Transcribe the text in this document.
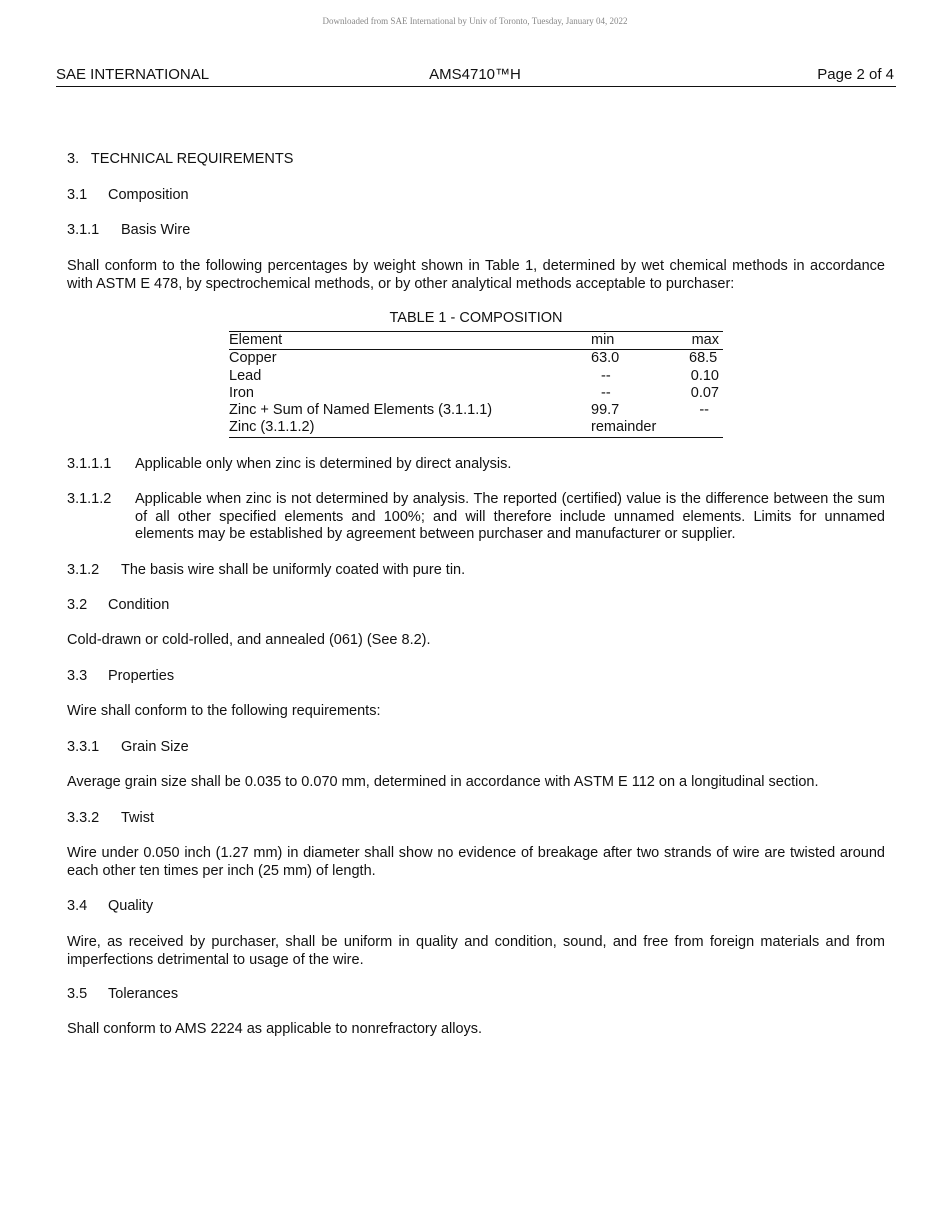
Downloaded from SAE International by Univ of Toronto, Tuesday, January 04, 2022
SAE INTERNATIONAL	AMS4710™H	Page 2 of 4
3.   TECHNICAL REQUIREMENTS
3.1 Composition
3.1.1 Basis Wire
Shall conform to the following percentages by weight shown in Table 1, determined by wet chemical methods in accordance with ASTM E 478, by spectrochemical methods, or by other analytical methods acceptable to purchaser:
TABLE 1 - COMPOSITION
Element	min	max
Copper	63.0	68.5
Lead	--	0.10
Iron	--	0.07
Zinc + Sum of Named Elements (3.1.1.1)	99.7	--
Zinc (3.1.1.2)	remainder	
3.1.1.1 Applicable only when zinc is determined by direct analysis.
3.1.1.2 Applicable when zinc is not determined by analysis. The reported (certified) value is the difference between the sum of all other specified elements and 100%; and will therefore include unnamed elements. Limits for unnamed elements may be established by agreement between purchaser and manufacturer or supplier.
3.1.2 The basis wire shall be uniformly coated with pure tin.
3.2 Condition
Cold-drawn or cold-rolled, and annealed (061) (See 8.2).
3.3 Properties
Wire shall conform to the following requirements:
3.3.1 Grain Size
Average grain size shall be 0.035 to 0.070 mm, determined in accordance with ASTM E 112 on a longitudinal section.
3.3.2 Twist
Wire under 0.050 inch (1.27 mm) in diameter shall show no evidence of breakage after two strands of wire are twisted around each other ten times per inch (25 mm) of length.
3.4 Quality
Wire, as received by purchaser, shall be uniform in quality and condition, sound, and free from foreign materials and from imperfections detrimental to usage of the wire.
3.5 Tolerances
Shall conform to AMS 2224 as applicable to nonrefractory alloys.
